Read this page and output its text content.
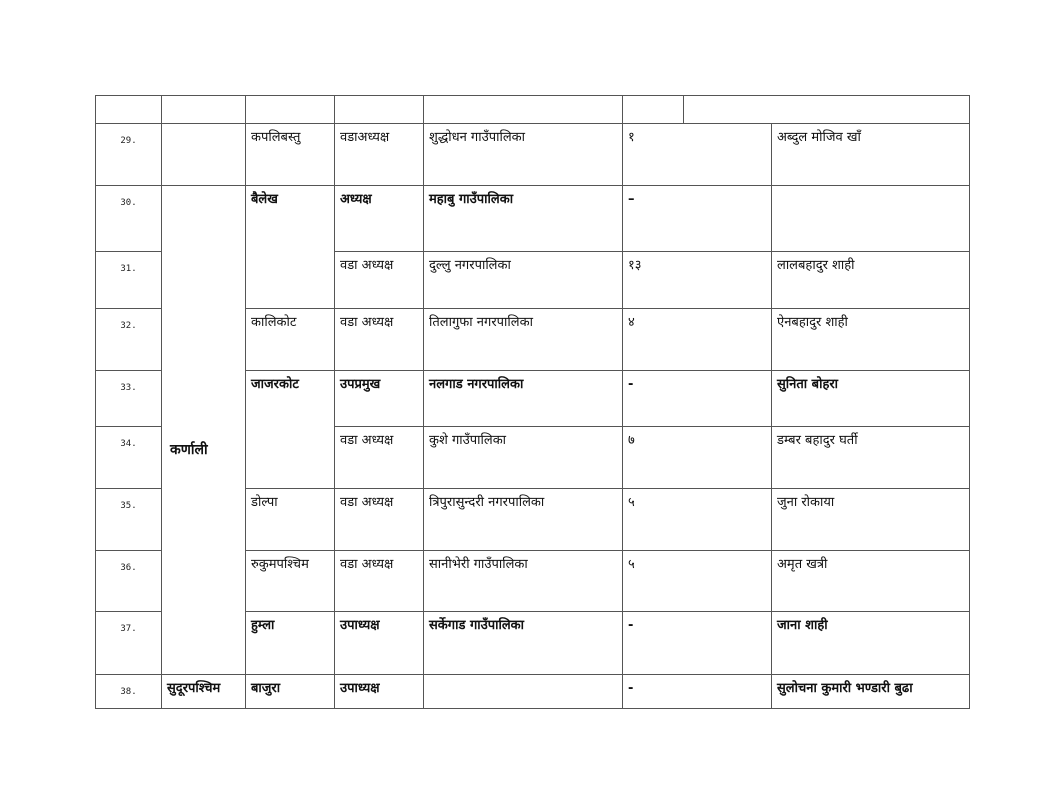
29.		कपलिबस्तु	वडाअध्यक्ष	शुद्धोधन गाउँपालिका	१		अब्दुल मोजिव खाँ
30.	कर्णाली	बैलेख	अध्यक्ष	महाबु गाउँपालिका	–		
31.			वडा अध्यक्ष	दुल्लु नगरपालिका	१३		लालबहादुर शाही
32.		कालिकोट	वडा अध्यक्ष	तिलागुफा नगरपालिका	४		ऐनबहादुर शाही
33.		जाजरकोट	उपप्रमुख	नलगाड नगरपालिका	-		सुनिता बोहरा
34.			वडा अध्यक्ष	कुशे गाउँपालिका	७		डम्बर बहादुर घर्ती
35.		डोल्पा	वडा अध्यक्ष	त्रिपुरासुन्दरी नगरपालिका	५		जुना रोकाया
36.		रुकुमपश्चिम	वडा अध्यक्ष	सानीभेरी गाउँपालिका	५		अमृत खत्री
37.		हुम्ला	उपाध्यक्ष	सर्केगाड गाउँपालिका	-		जाना शाही
38.	सुदूरपश्चिम	बाजुरा	उपाध्यक्ष		-		सुलोचना कुमारी भण्डारी बुढा
